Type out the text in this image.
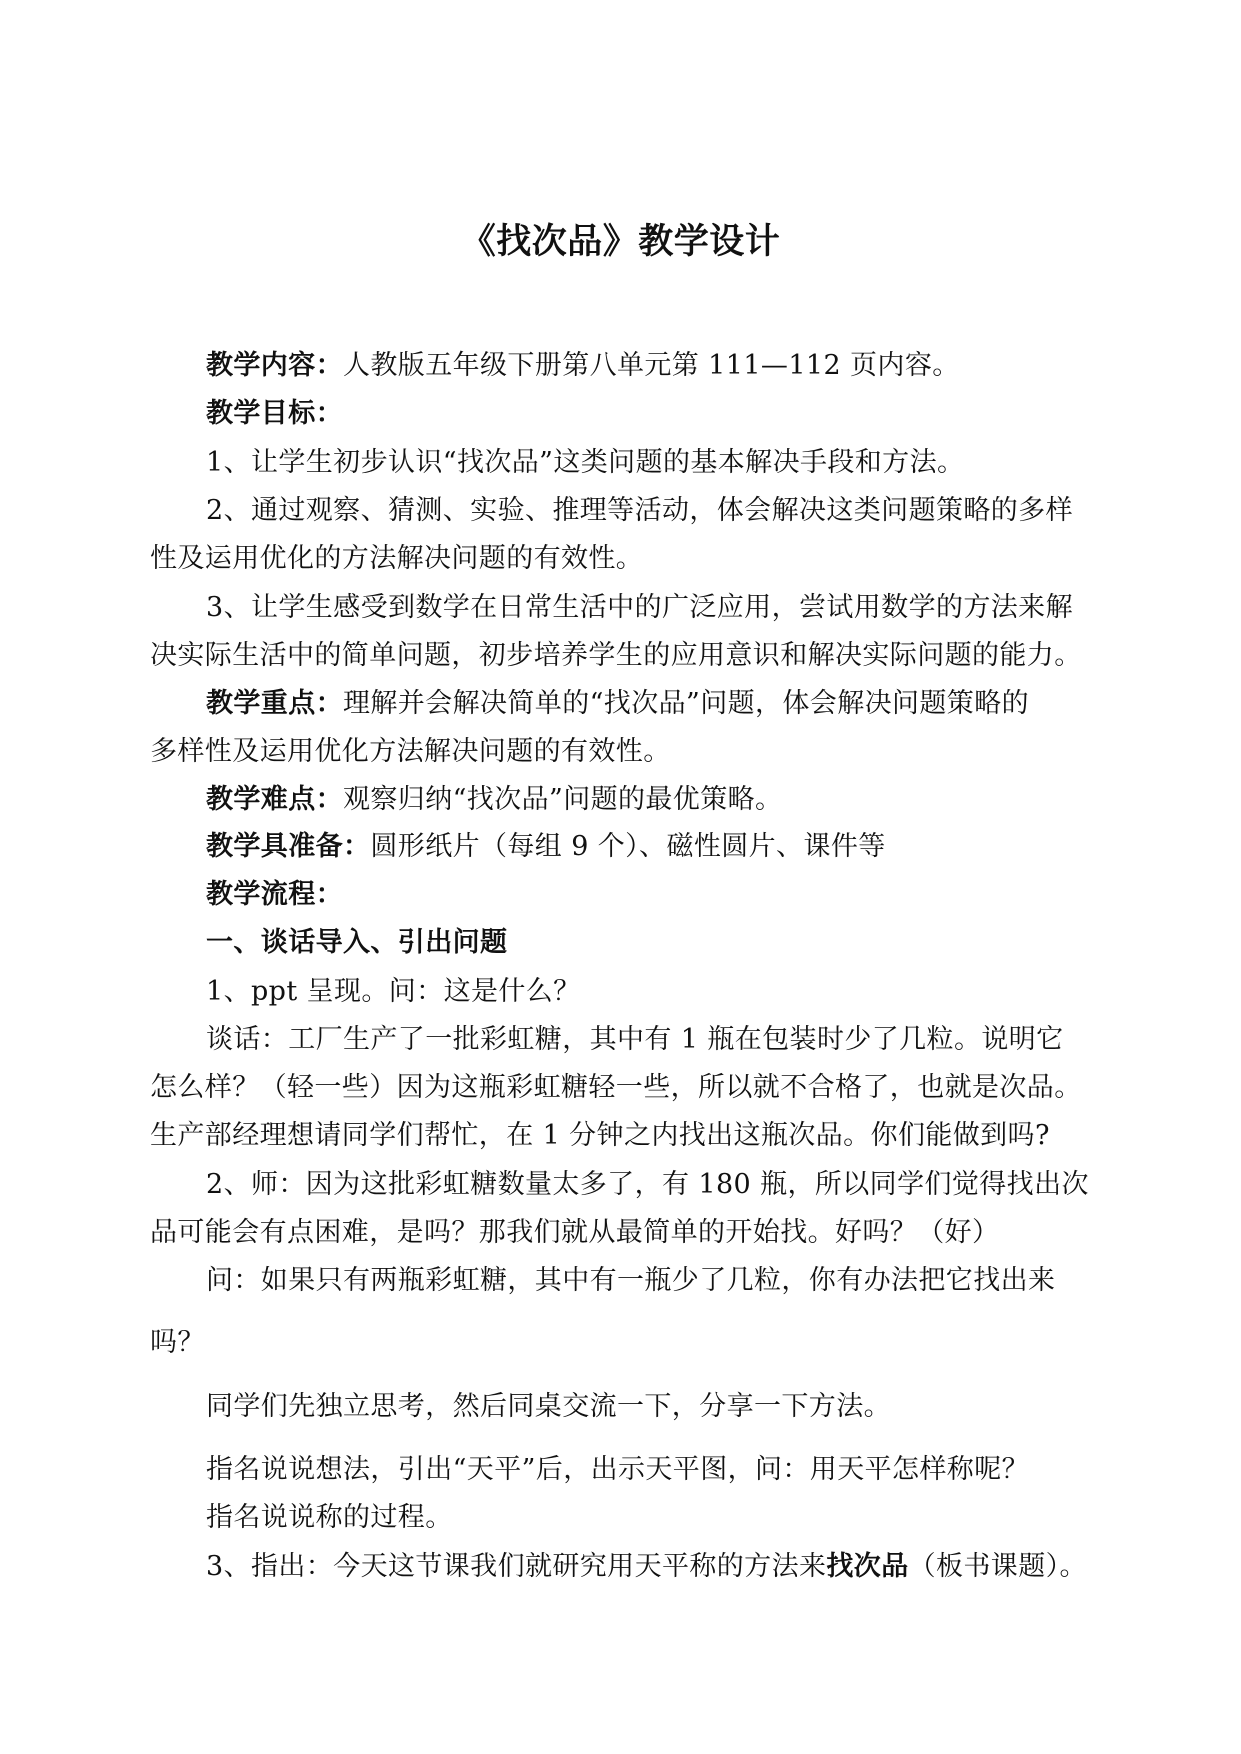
《找次品》教学设计
教学内容：人教版五年级下册第八单元第 111—112 页内容。
教学目标：
1、让学生初步认识“找次品”这类问题的基本解决手段和方法。
2、通过观察、猜测、实验、推理等活动，体会解决这类问题策略的多样
性及运用优化的方法解决问题的有效性。
3、让学生感受到数学在日常生活中的广泛应用，尝试用数学的方法来解
决实际生活中的简单问题，初步培养学生的应用意识和解决实际问题的能力。
教学重点：理解并会解决简单的“找次品”问题，体会解决问题策略的
多样性及运用优化方法解决问题的有效性。
教学难点：观察归纳“找次品”问题的最优策略。
教学具准备：圆形纸片（每组 9 个）、磁性圆片、课件等
教学流程：
一、谈话导入、引出问题
1、ppt 呈现。问：这是什么？
谈话：工厂生产了一批彩虹糖，其中有 1 瓶在包装时少了几粒。说明它
怎么样？（轻一些）因为这瓶彩虹糖轻一些，所以就不合格了，也就是次品。
生产部经理想请同学们帮忙，在 1 分钟之内找出这瓶次品。你们能做到吗?
2、师：因为这批彩虹糖数量太多了，有 180 瓶，所以同学们觉得找出次
品可能会有点困难，是吗？那我们就从最简单的开始找。好吗？（好）
问：如果只有两瓶彩虹糖，其中有一瓶少了几粒，你有办法把它找出来
吗？
同学们先独立思考，然后同桌交流一下，分享一下方法。
指名说说想法，引出“天平”后，出示天平图，问：用天平怎样称呢？
指名说说称的过程。
3、指出：今天这节课我们就研究用天平称的方法来找次品（板书课题）。
